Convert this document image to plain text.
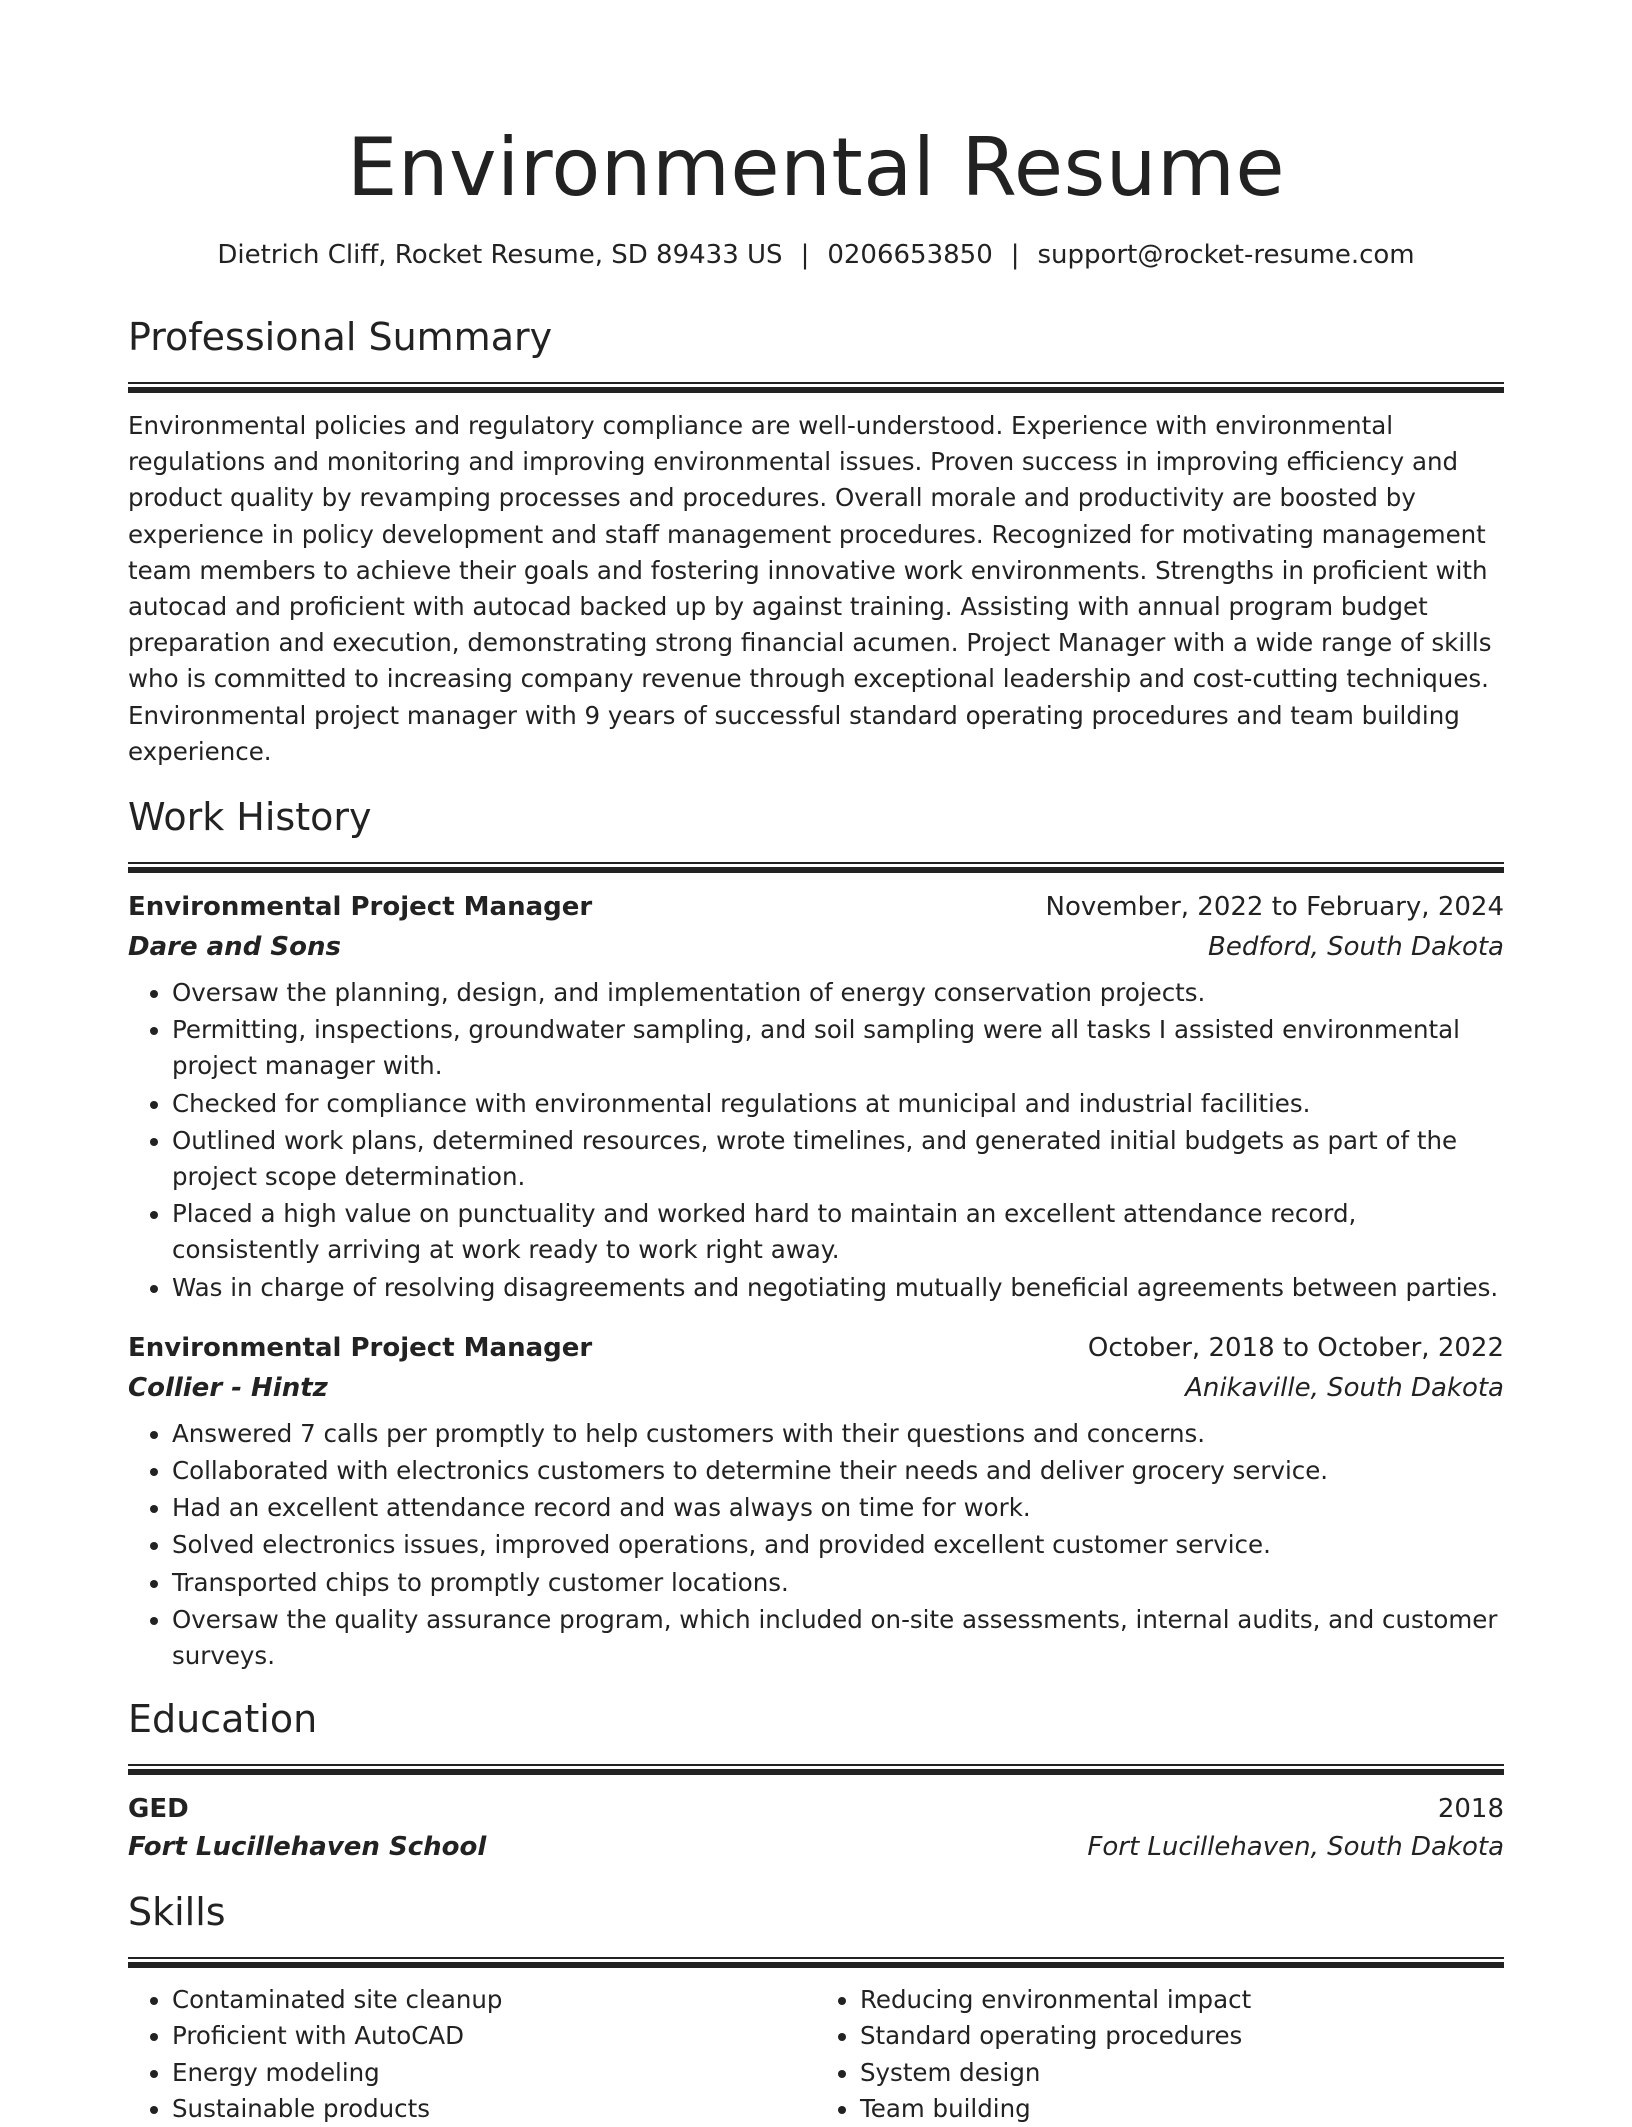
Environmental Resume
Dietrich Cliff, Rocket Resume, SD 89433 US | 0206653850 | support@rocket-resume.com
Professional Summary

Environmental policies and regulatory compliance are well-understood. Experience with environmental regulations and monitoring and improving environmental issues. Proven success in improving efficiency and product quality by revamping processes and procedures. Overall morale and productivity are boosted by experience in policy development and staff management procedures. Recognized for motivating management team members to achieve their goals and fostering innovative work environments. Strengths in proficient with autocad and proficient with autocad backed up by against training. Assisting with annual program budget preparation and execution, demonstrating strong financial acumen. Project Manager with a wide range of skills who is committed to increasing company revenue through exceptional leadership and cost-cutting techniques. Environmental project manager with 9 years of successful standard operating procedures and team building experience.

Work History
Environmental Project Manager	November, 2022 to February, 2024
Dare and Sons	Bedford, South Dakota
• Oversaw the planning, design, and implementation of energy conservation projects.
• Permitting, inspections, groundwater sampling, and soil sampling were all tasks I assisted environmental project manager with.
• Checked for compliance with environmental regulations at municipal and industrial facilities.
• Outlined work plans, determined resources, wrote timelines, and generated initial budgets as part of the project scope determination.
• Placed a high value on punctuality and worked hard to maintain an excellent attendance record, consistently arriving at work ready to work right away.
• Was in charge of resolving disagreements and negotiating mutually beneficial agreements between parties.
Environmental Project Manager	October, 2018 to October, 2022
Collier - Hintz	Anikaville, South Dakota
• Answered 7 calls per promptly to help customers with their questions and concerns.
• Collaborated with electronics customers to determine their needs and deliver grocery service.
• Had an excellent attendance record and was always on time for work.
• Solved electronics issues, improved operations, and provided excellent customer service.
• Transported chips to promptly customer locations.
• Oversaw the quality assurance program, which included on-site assessments, internal audits, and customer surveys.
Education
GED	2018
Fort Lucillehaven School	Fort Lucillehaven, South Dakota
Skills
• Contaminated site cleanup
• Proficient with AutoCAD
• Energy modeling
• Sustainable products
• Reducing environmental impact
• Standard operating procedures
• System design
• Team building
